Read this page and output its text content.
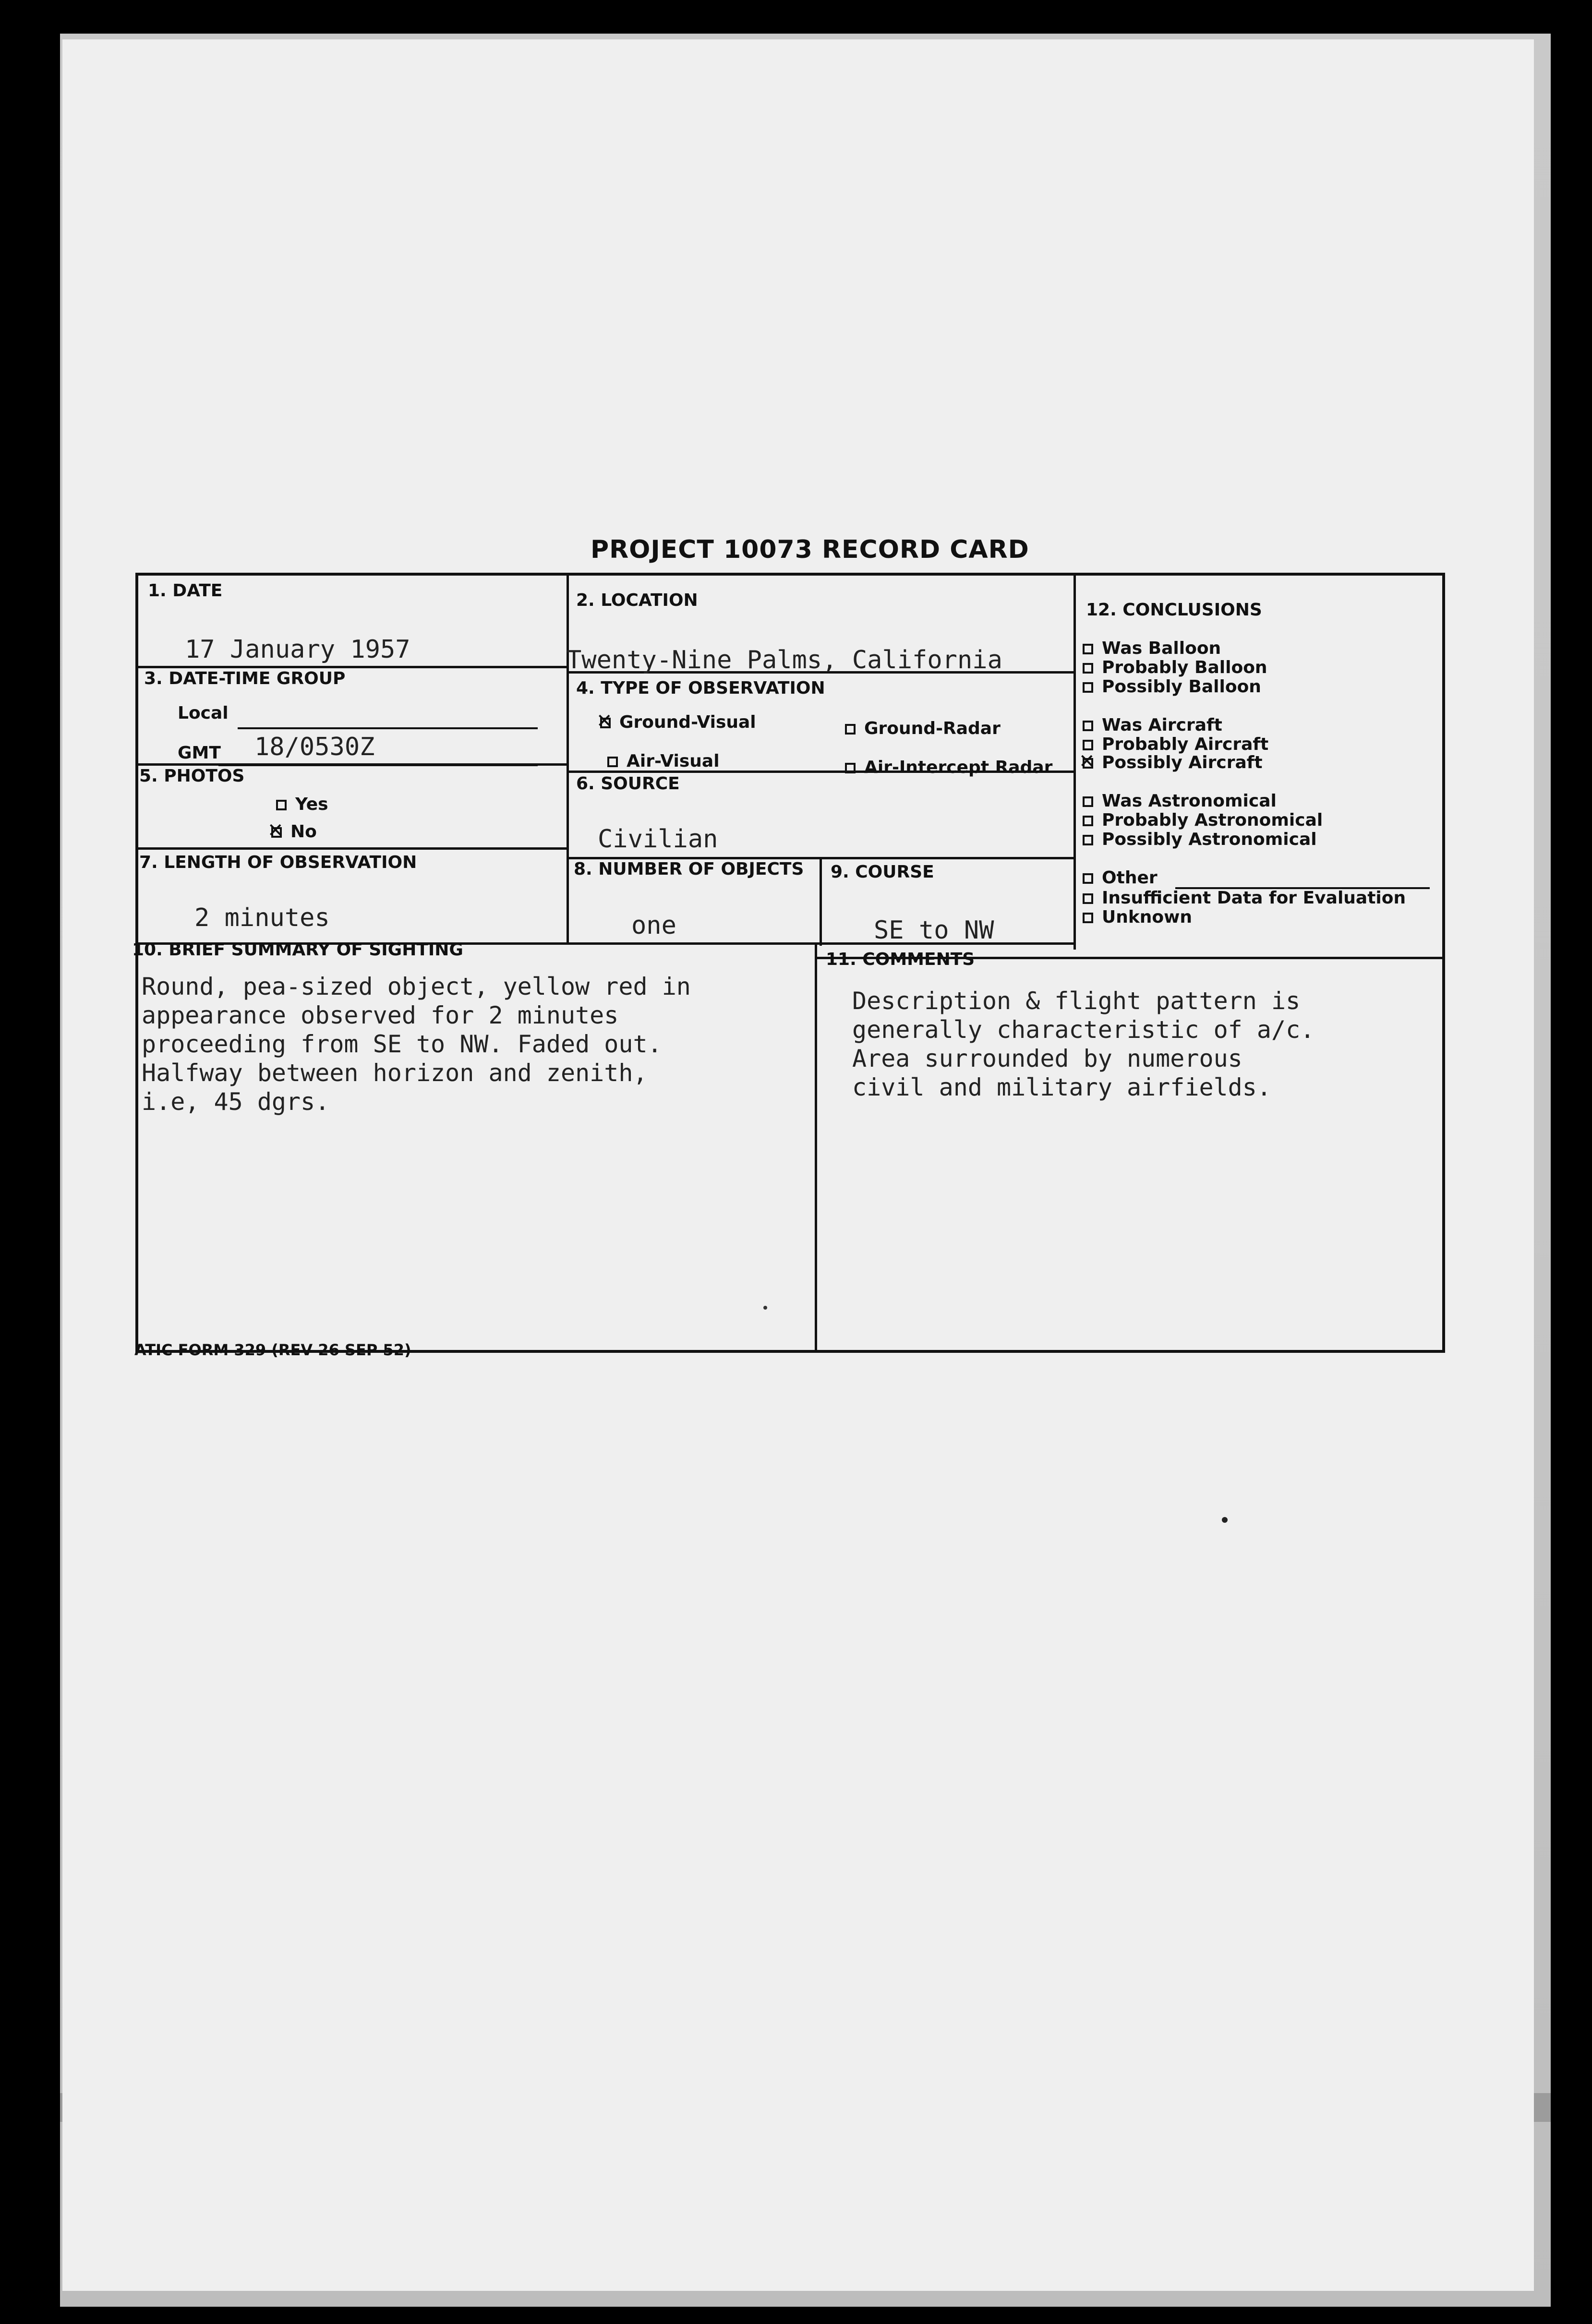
PROJECT 10073 RECORD CARD
1. DATE
17 January 1957
2. LOCATION
Twenty-Nine Palms, California
3. DATE-TIME GROUP
Local
GMT 18/0530Z
4. TYPE OF OBSERVATION
✕Ground-Visual	Ground-Radar
Air-Visual	Air-Intercept Radar
5. PHOTOS
Yes
✕No
6. SOURCE
Civilian
7. LENGTH OF OBSERVATION
2 minutes
8. NUMBER OF OBJECTS
one
9. COURSE
SE to NW
10. BRIEF SUMMARY OF SIGHTING
Round, pea-sized object, yellow red in
appearance observed for 2 minutes
proceeding from SE to NW. Faded out.
Halfway between horizon and zenith,
i.e, 45 dgrs.
11. COMMENTS
Description & flight pattern is
generally characteristic of a/c.
Area surrounded by numerous
civil and military airfields.
12. CONCLUSIONS
Was Balloon
Probably Balloon
Possibly Balloon
Was Aircraft
Probably Aircraft
✕Possibly Aircraft
Was Astronomical
Probably Astronomical
Possibly Astronomical
Other
Insufficient Data for Evaluation
Unknown
ATIC FORM 329 (REV 26 SEP 52)
